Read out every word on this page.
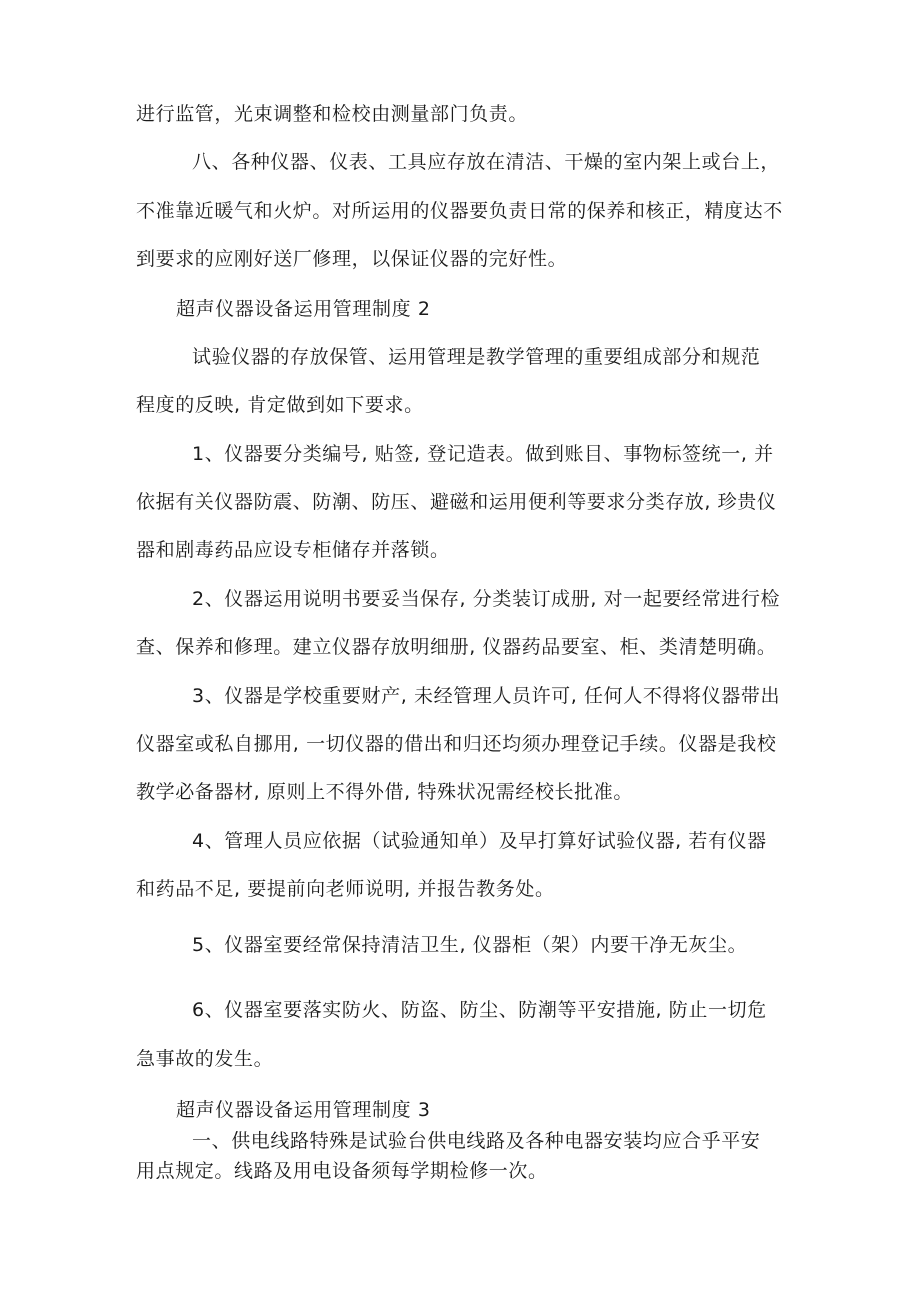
进行监管，光束调整和检校由测量部门负责。
八、各种仪器、仪表、工具应存放在清洁、干燥的室内架上或台上，
不准靠近暖气和火炉。对所运用的仪器要负责日常的保养和核正，精度达不
到要求的应刚好送厂修理，以保证仪器的完好性。
超声仪器设备运用管理制度 2
试验仪器的存放保管、运用管理是教学管理的重要组成部分和规范
程度的反映, 肯定做到如下要求。
1、仪器要分类编号, 贴签, 登记造表。做到账目、事物标签统一, 并
依据有关仪器防震、防潮、防压、避磁和运用便利等要求分类存放, 珍贵仪
器和剧毒药品应设专柜储存并落锁。
2、仪器运用说明书要妥当保存, 分类装订成册, 对一起要经常进行检
查、保养和修理。建立仪器存放明细册, 仪器药品要室、柜、类清楚明确。
3、仪器是学校重要财产, 未经管理人员许可, 任何人不得将仪器带出
仪器室或私自挪用, 一切仪器的借出和归还均须办理登记手续。仪器是我校
教学必备器材, 原则上不得外借, 特殊状况需经校长批准。
4、管理人员应依据（试验通知单）及早打算好试验仪器, 若有仪器
和药品不足, 要提前向老师说明, 并报告教务处。
5、仪器室要经常保持清洁卫生, 仪器柜（架）内要干净无灰尘。
6、仪器室要落实防火、防盗、防尘、防潮等平安措施, 防止一切危
急事故的发生。
超声仪器设备运用管理制度 3
一、供电线路特殊是试验台供电线路及各种电器安装均应合乎平安
用点规定。线路及用电设备须每学期检修一次。
